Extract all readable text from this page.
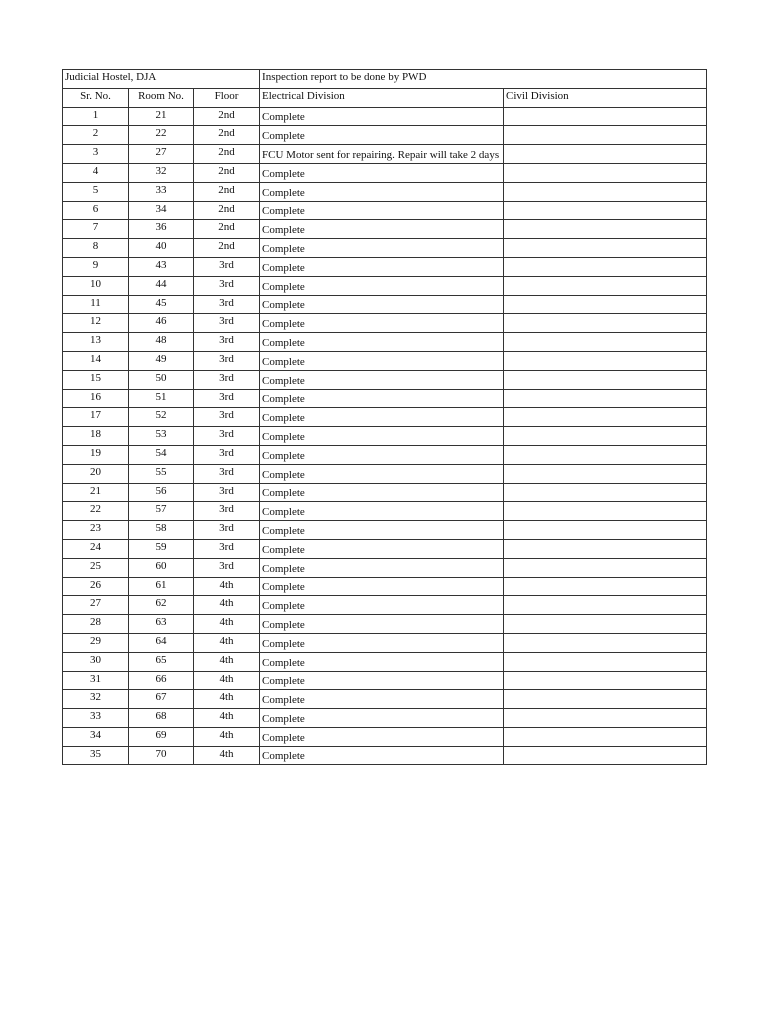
Judicial Hostel, DJA			Inspection report to be done by PWD	
Sr. No.	Room No.	Floor	Electrical Division	Civil Division
1	21	2nd	Complete	
2	22	2nd	Complete	
3	27	2nd	FCU Motor sent for repairing. Repair will take 2 days	
4	32	2nd	Complete	
5	33	2nd	Complete	
6	34	2nd	Complete	
7	36	2nd	Complete	
8	40	2nd	Complete	
9	43	3rd	Complete	
10	44	3rd	Complete	
11	45	3rd	Complete	
12	46	3rd	Complete	
13	48	3rd	Complete	
14	49	3rd	Complete	
15	50	3rd	Complete	
16	51	3rd	Complete	
17	52	3rd	Complete	
18	53	3rd	Complete	
19	54	3rd	Complete	
20	55	3rd	Complete	
21	56	3rd	Complete	
22	57	3rd	Complete	
23	58	3rd	Complete	
24	59	3rd	Complete	
25	60	3rd	Complete	
26	61	4th	Complete	
27	62	4th	Complete	
28	63	4th	Complete	
29	64	4th	Complete	
30	65	4th	Complete	
31	66	4th	Complete	
32	67	4th	Complete	
33	68	4th	Complete	
34	69	4th	Complete	
35	70	4th	Complete	
